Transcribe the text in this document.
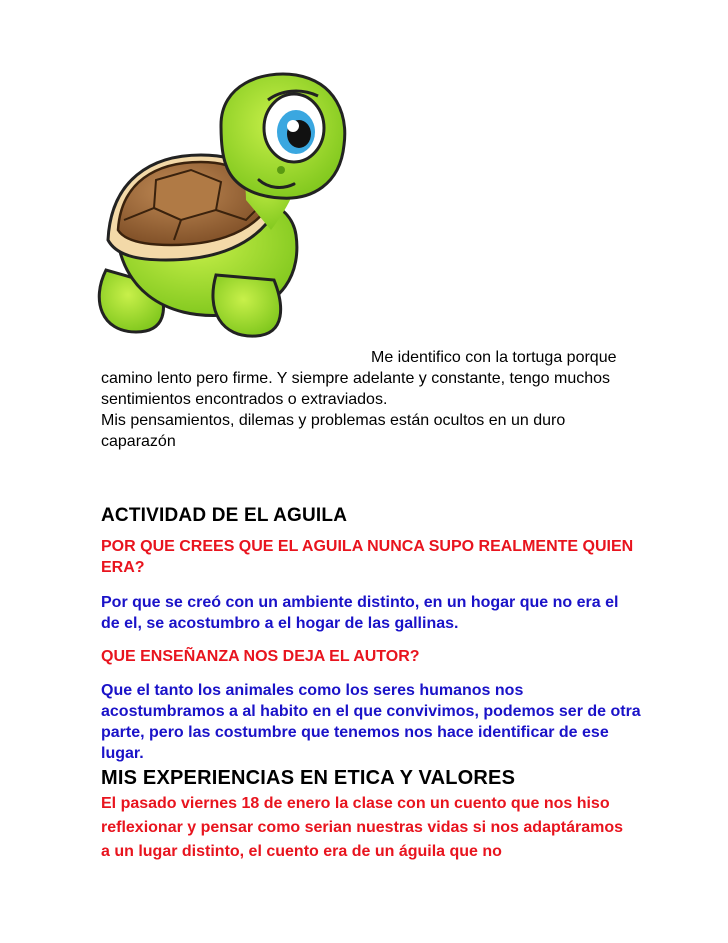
Me identifico con la tortuga porque
camino lento pero firme. Y siempre adelante y constante, tengo muchos sentimientos encontrados o extraviados.
Mis pensamientos, dilemas y problemas están ocultos en un duro caparazón
ACTIVIDAD DE EL AGUILA
POR QUE CREES QUE EL AGUILA NUNCA SUPO REALMENTE QUIEN ERA?
Por que se creó con un ambiente distinto, en un hogar que no era el de el, se acostumbro a el hogar de las gallinas.
QUE ENSEÑANZA NOS DEJA EL AUTOR?
Que el tanto los animales como los seres humanos nos acostumbramos a al habito en el que convivimos, podemos ser de otra parte, pero las costumbre que tenemos nos hace identificar de ese lugar.
MIS EXPERIENCIAS EN ETICA Y VALORES
El pasado viernes 18 de enero la clase con un cuento que nos hiso reflexionar y pensar como serian nuestras vidas si nos adaptáramos a un lugar distinto, el cuento era de un águila que no
